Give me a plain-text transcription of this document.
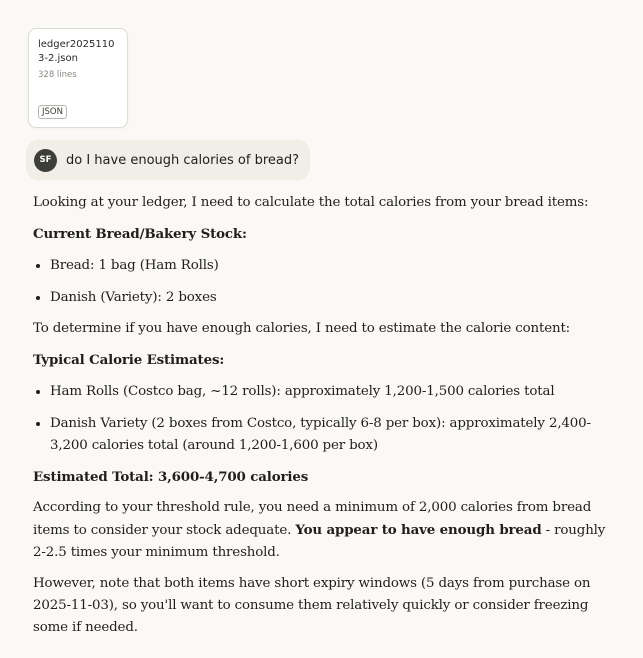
ledger20251103-2.json
328 lines
JSON
SF	do I have enough calories of bread?

Looking at your ledger, I need to calculate the total calories from your bread items:

Current Bread/Bakery Stock:
• Bread: 1 bag (Ham Rolls)
• Danish (Variety): 2 boxes

To determine if you have enough calories, I need to estimate the calorie content:

Typical Calorie Estimates:
• Ham Rolls (Costco bag, ~12 rolls): approximately 1,200-1,500 calories total
• Danish Variety (2 boxes from Costco, typically 6-8 per box): approximately 2,400-3,200 calories total (around 1,200-1,600 per box)
Estimated Total: 3,600-4,700 calories

According to your threshold rule, you need a minimum of 2,000 calories from bread items to consider your stock adequate. You appear to have enough bread - roughly 2-2.5 times your minimum threshold.

However, note that both items have short expiry windows (5 days from purchase on 2025-11-03), so you'll want to consume them relatively quickly or consider freezing some if needed.
